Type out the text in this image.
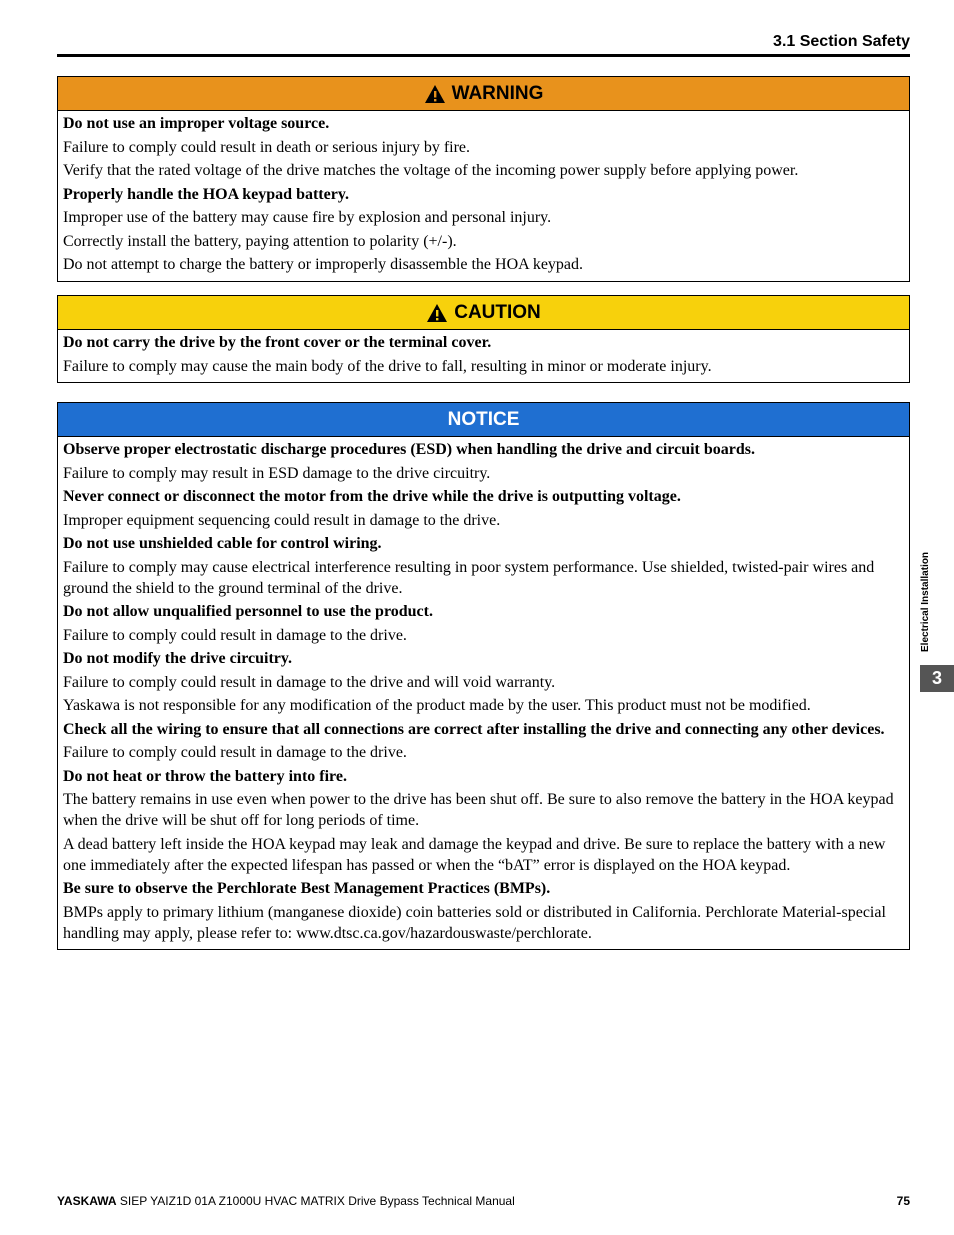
3.1 Section Safety
WARNING

Do not use an improper voltage source.

Failure to comply could result in death or serious injury by fire.

Verify that the rated voltage of the drive matches the voltage of the incoming power supply before applying power.

Properly handle the HOA keypad battery.

Improper use of the battery may cause fire by explosion and personal injury.

Correctly install the battery, paying attention to polarity (+/-).

Do not attempt to charge the battery or improperly disassemble the HOA keypad.

CAUTION

Do not carry the drive by the front cover or the terminal cover.

Failure to comply may cause the main body of the drive to fall, resulting in minor or moderate injury.

NOTICE

Observe proper electrostatic discharge procedures (ESD) when handling the drive and circuit boards.

Failure to comply may result in ESD damage to the drive circuitry.

Never connect or disconnect the motor from the drive while the drive is outputting voltage.

Improper equipment sequencing could result in damage to the drive.

Do not use unshielded cable for control wiring.

Failure to comply may cause electrical interference resulting in poor system performance. Use shielded, twisted-pair wires and ground the shield to the ground terminal of the drive.

Do not allow unqualified personnel to use the product.

Failure to comply could result in damage to the drive.

Do not modify the drive circuitry.

Failure to comply could result in damage to the drive and will void warranty.

Yaskawa is not responsible for any modification of the product made by the user. This product must not be modified.

Check all the wiring to ensure that all connections are correct after installing the drive and connecting any other devices.

Failure to comply could result in damage to the drive.

Do not heat or throw the battery into fire.

The battery remains in use even when power to the drive has been shut off. Be sure to also remove the battery in the HOA keypad when the drive will be shut off for long periods of time.

A dead battery left inside the HOA keypad may leak and damage the keypad and drive. Be sure to replace the battery with a new one immediately after the expected lifespan has passed or when the “bAT” error is displayed on the HOA keypad.

Be sure to observe the Perchlorate Best Management Practices (BMPs).

BMPs apply to primary lithium (manganese dioxide) coin batteries sold or distributed in California. Perchlorate Material-special handling may apply, please refer to: www.dtsc.ca.gov/hazardouswaste/perchlorate.

Electrical Installation
3
YASKAWA SIEP YAIZ1D 01A Z1000U HVAC MATRIX Drive Bypass Technical Manual	75
